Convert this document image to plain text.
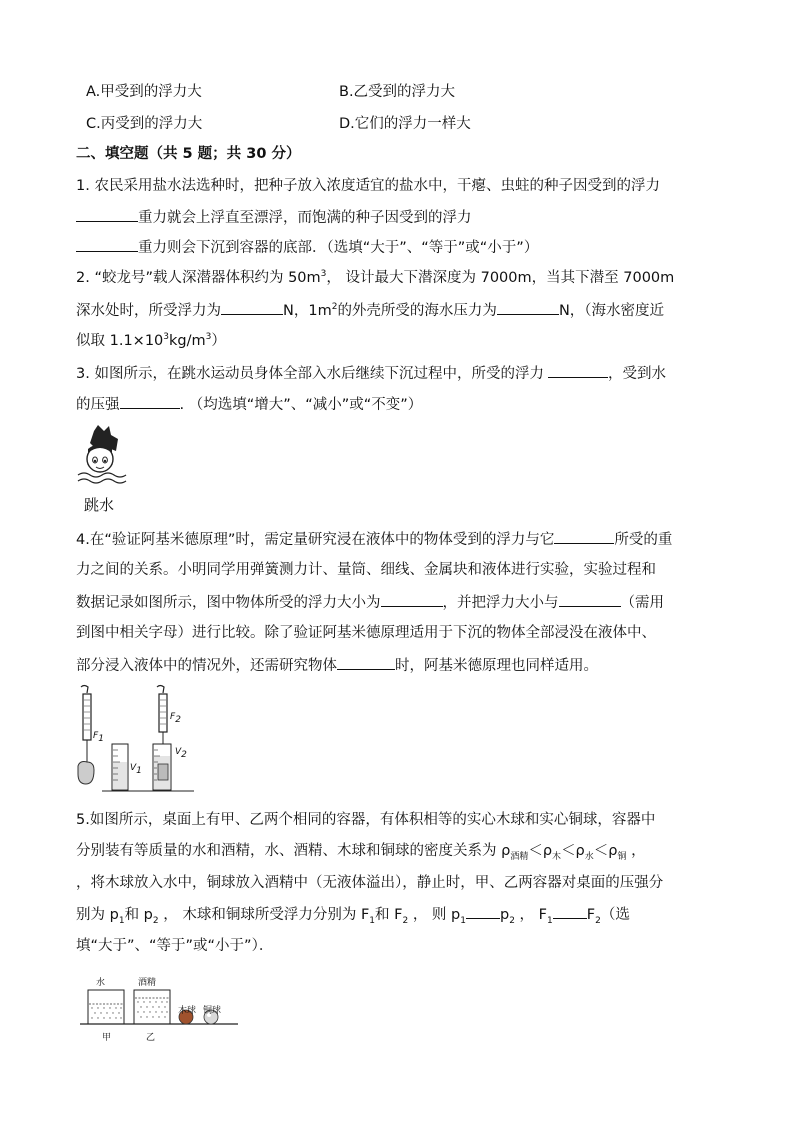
A.甲受到的浮力大	B.乙受到的浮力大
C.丙受到的浮力大	D.它们的浮力一样大
二、填空题（共 5 题；共 30 分）
1. 农民采用盐水法选种时，把种子放入浓度适宜的盐水中，干瘪、虫蛀的种子因受到的浮力
重力就会上浮直至漂浮，而饱满的种子因受到的浮力
重力则会下沉到容器的底部．（选填“大于”、“等于”或“小于”）
2. “蛟龙号”载人深潜器体积约为 $50m^3$， 设计最大下潜深度为 7000m，当其下潜至 7000m
深水处时，所受浮力为	N，$1m^2$的外壳所受的海水压力为	N，（海水密度近
似取 $1.1\times 10^3kg/m^3$）
3. 如图所示，在跳水运动员身体全部入水后继续下沉过程中，所受的浮力	，受到水
的压强	. （均选填“增大”、“减小”或“不变”）
跳水
4.在“验证阿基米德原理”时，需定量研究浸在液体中的物体受到的浮力与它	所受的重
力之间的关系。小明同学用弹簧测力计、量筒、细线、金属块和液体进行实验，实验过程和
数据记录如图所示，图中物体所受的浮力大小为	，并把浮力大小与	（需用
到图中相关字母）进行比较。除了验证阿基米德原理适用于下沉的物体全部浸没在液体中、
部分浸入液体中的情况外，还需研究物体	时，阿基米德原理也同样适用。
$F_1$
$F_2$
$V_1$
$V_2$
5.如图所示，桌面上有甲、乙两个相同的容器，有体积相等的实心木球和实心铜球，容器中
分别装有等质量的水和酒精，水、酒精、木球和铜球的密度关系为 $\rho_{酒精}<\rho_木<\rho_水<\rho_铜$ ，
，将木球放入水中，铜球放入酒精中（无液体溢出），静止时，甲、乙两容器对桌面的压强分
别为 $p_1$和 $p_2$ ， 木球和铜球所受浮力分别为 $F_1$和 $F_2$ ， 则 $p_1$ $p_2$ ， $F_1$ $F_2$（选
填“大于”、“等于”或“小于”）．
水	酒精
木球 铜球
甲	乙
